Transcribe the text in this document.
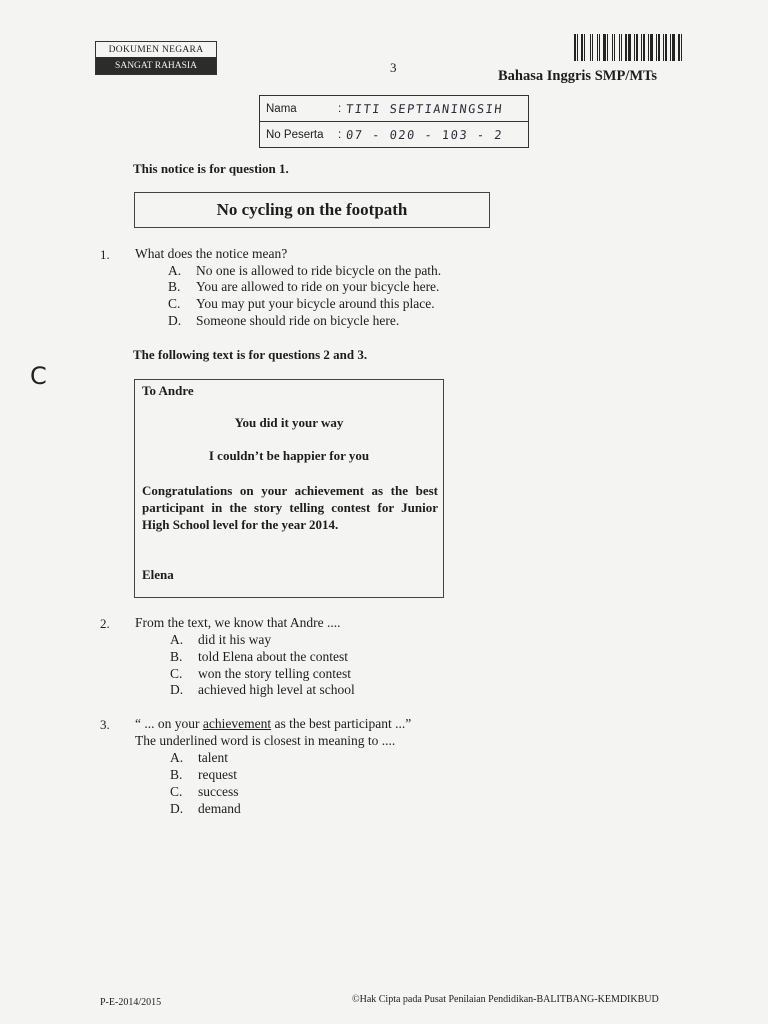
DOKUMEN NEGARA
SANGAT RAHASIA	3
Bahasa Inggris SMP/MTs
Nama	: TITI SEPTIANINGSIH
No Peserta	: 07 - 020 - 103 - 2
This notice is for question 1.
No cycling on the footpath
1. What does the notice mean?
A. No one is allowed to ride bicycle on the path.
B. You are allowed to ride on your bicycle here.
C. You may put your bicycle around this place.
D. Someone should ride on bicycle here.
The following text is for questions 2 and 3.
C
To Andre
You did it your way
I couldn’t be happier for you
Congratulations on your achievement as the best participant in the story telling contest for Junior High School level for the year 2014.
Elena
2. From the text, we know that Andre ....
A. did it his way
B. told Elena about the contest
C. won the story telling contest
D. achieved high level at school
3. “ ... on your achievement as the best participant ...”
The underlined word is closest in meaning to ....
A. talent
B. request
C. success
D. demand
P-E-2014/2015	©Hak Cipta pada Pusat Penilaian Pendidikan-BALITBANG-KEMDIKBUD
